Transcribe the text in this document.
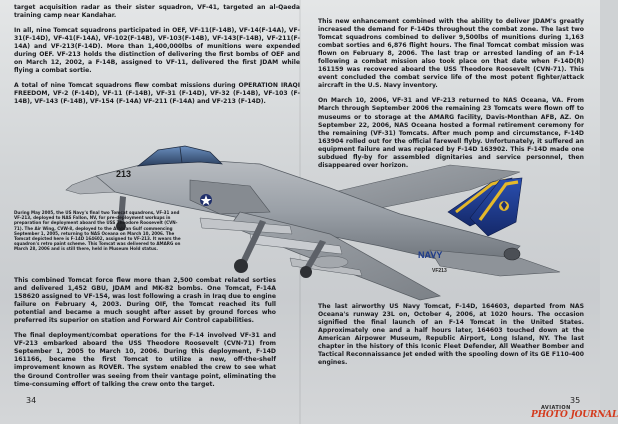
213
NAVY
VF213

target acquisition radar as their sister squadron, VF-41, targeted an al-Qaeda training camp near Kandahar.

In all, nine Tomcat squadrons participated in OEF, VF-11(F-14B), VF-14(F-14A), VF-31(F-14D), VF-41(F-14A), VF-102(F-14B), VF-103(F-14B), VF-143(F-14B), VF-211(F-14A) and VF-213(F-14D). More than 1,400,000lbs of munitions were expended during OEF. VF-213 holds the distinction of delivering the first bombs of OEF and on March 12, 2002, a F-14B, assigned to VF-11, delivered the first JDAM while flying a combat sortie.

A total of nine Tomcat squadrons flew combat missions during OPERATION IRAQI FREEDOM, VF-2 (F-14D), VF-11 (F-14B), VF-31 (F-14D), VF-32 (F-14B), VF-103 (F-14B), VF-143 (F-14B), VF-154 (F-14A) VF-211 (F-14A) and VF-213 (F-14D).

This new enhancement combined with the ability to deliver JDAM's greatly increased the demand for F-14Ds throughout the combat zone. The last two Tomcat squadrons combined to deliver 9,500lbs of munitions during 1,163 combat sorties and 6,876 flight hours. The final Tomcat combat mission was flown on February 8, 2006. The last trap or arrested landing of an F-14 following a combat mission also took place on that date when F-14D(R) 161159 was recovered aboard the USS Theodore Roosevelt (CVN-71). This event concluded the combat service life of the most potent fighter/attack aircraft in the U.S. Navy inventory.

On March 10, 2006, VF-31 and VF-213 returned to NAS Oceana, VA. From March through September 2006 the remaining 23 Tomcats were flown off to museums or to storage at the AMARG facility, Davis-Monthan AFB, AZ. On September 22, 2006, NAS Oceana hosted a formal retirement ceremony for the remaining (VF-31) Tomcats. After much pomp and circumstance, F-14D 163904 rolled out for the official farewell flyby. Unfortunately, it suffered an equipment failure and was replaced by F-14D 163902. This F-14D made one subdued fly-by for assembled dignitaries and service personnel, then disappeared over horizon.

During May 2005, the US Navy's final two Tomcat squadrons, VF-31 and VF-213, deployed to NAS Fallon, NV, for pre-deployment workups in preparation for deployment aboard the USS Theodore Roosevelt (CVN-71). The Air Wing, CVW-8, deployed to the Arabian Gulf commencing September 1, 2005, returning to NAS Oceana on March 10, 2006. The Tomcat depicted here is F-14D 164602, assigned to VF-213. It wears the squadron's retro paint scheme. This Tomcat was delivered to AMARG on March 28, 2006 and is still there, held in Museum Hold status.

This combined Tomcat force flew more than 2,500 combat related sorties and delivered 1,452 GBU, JDAM and MK-82 bombs. One Tomcat, F-14A 158620 assigned to VF-154, was lost following a crash in Iraq due to engine failure on February 4, 2003. During OIF, the Tomcat reached its full potential and became a much sought after asset by ground forces who preferred its superior on station and Forward Air Control capabilities.

The final deployment/combat operations for the F-14 involved VF-31 and VF-213 embarked aboard the USS Theodore Roosevelt (CVN-71) from September 1, 2005 to March 10, 2006. During this deployment, F-14D 161166, became the first Tomcat to utilize a new, off-the-shelf improvement known as ROVER. The system enabled the crew to see what the Ground Controller was seeing from their vantage point, eliminating the time-consuming effort of talking the crew onto the target.

The last airworthy US Navy Tomcat, F-14D, 164603, departed from NAS Oceana's runway 23L on, October 4, 2006, at 1020 hours. The occasion signified the final launch of an F-14 Tomcat in the United States. Approximately one and a half hours later, 164603 touched down at the American Airpower Museum, Republic Airport, Long Island, NY. The last chapter in the history of this Iconic Fleet Defender, All Weather Bomber and Tactical Reconnaissance Jet ended with the spooling down of its GE F110-400 engines.

34	35
AVIATION
PHOTO JOURNAL
